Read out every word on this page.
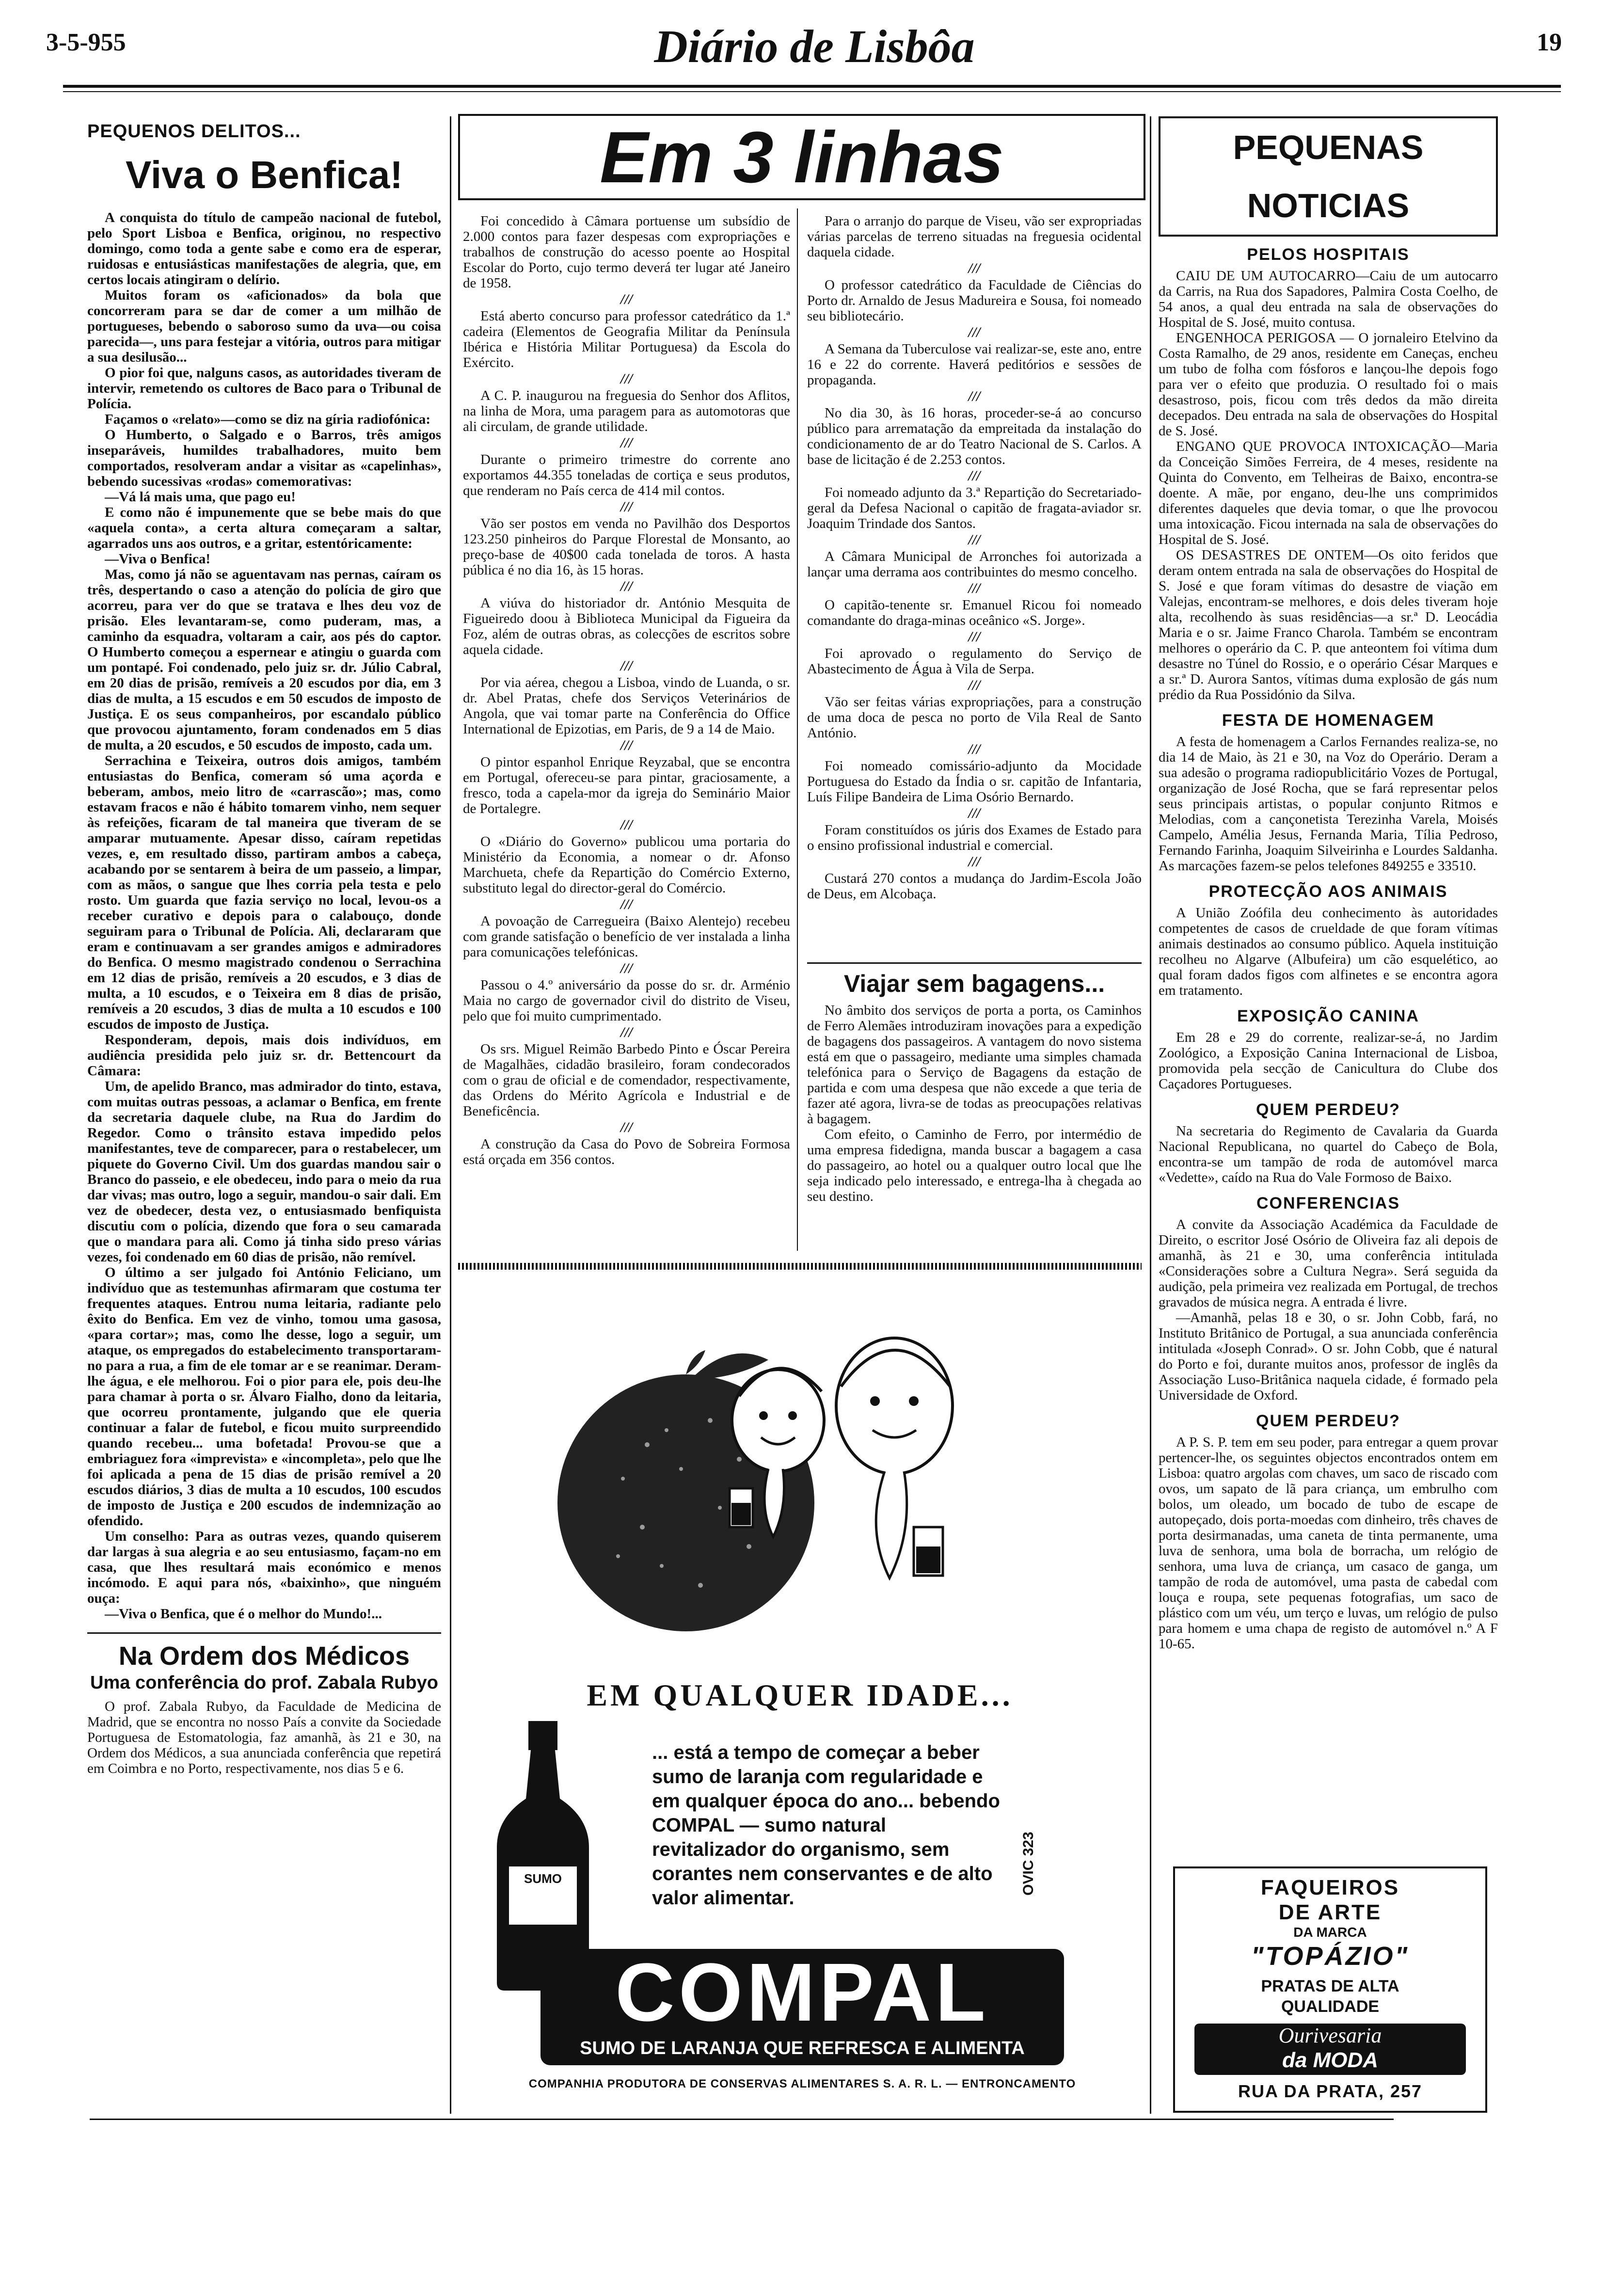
3-5-955	Diário de Lisbôa	19
PEQUENOS DELITOS...
Viva o Benfica!

A conquista do título de campeão nacional de futebol, pelo Sport Lisboa e Benfica, originou, no respectivo domingo, como toda a gente sabe e como era de esperar, ruidosas e entusiásticas manifestações de alegria, que, em certos locais atingiram o delírio.

Muitos foram os «aficionados» da bola que concorreram para se dar de comer a um milhão de portugueses, bebendo o saboroso sumo da uva—ou coisa parecida—, uns para festejar a vitória, outros para mitigar a sua desilusão...

O pior foi que, nalguns casos, as autoridades tiveram de intervir, remetendo os cultores de Baco para o Tribunal de Polícia.

Façamos o «relato»—como se diz na gíria radiofónica:

O Humberto, o Salgado e o Barros, três amigos inseparáveis, humildes trabalhadores, muito bem comportados, resolveram andar a visitar as «capelinhas», bebendo sucessivas «rodas» comemorativas:

—Vá lá mais uma, que pago eu!

E como não é impunemente que se bebe mais do que «aquela conta», a certa altura começaram a saltar, agarrados uns aos outros, e a gritar, estentóricamente:

—Viva o Benfica!

Mas, como já não se aguentavam nas pernas, caíram os três, despertando o caso a atenção do polícia de giro que acorreu, para ver do que se tratava e lhes deu voz de prisão. Eles levantaram-se, como puderam, mas, a caminho da esquadra, voltaram a cair, aos pés do captor. O Humberto começou a espernear e atingiu o guarda com um pontapé. Foi condenado, pelo juiz sr. dr. Júlio Cabral, em 20 dias de prisão, remíveis a 20 escudos por dia, em 3 dias de multa, a 15 escudos e em 50 escudos de imposto de Justiça. E os seus companheiros, por escandalo público que provocou ajuntamento, foram condenados em 5 dias de multa, a 20 escudos, e 50 escudos de imposto, cada um.

Serrachina e Teixeira, outros dois amigos, também entusiastas do Benfica, comeram só uma açorda e beberam, ambos, meio litro de «carrascão»; mas, como estavam fracos e não é hábito tomarem vinho, nem sequer às refeições, ficaram de tal maneira que tiveram de se amparar mutuamente. Apesar disso, caíram repetidas vezes, e, em resultado disso, partiram ambos a cabeça, acabando por se sentarem à beira de um passeio, a limpar, com as mãos, o sangue que lhes corria pela testa e pelo rosto. Um guarda que fazia serviço no local, levou-os a receber curativo e depois para o calabouço, donde seguiram para o Tribunal de Polícia. Ali, declararam que eram e continuavam a ser grandes amigos e admiradores do Benfica. O mesmo magistrado condenou o Serrachina em 12 dias de prisão, remíveis a 20 escudos, e 3 dias de multa, a 10 escudos, e o Teixeira em 8 dias de prisão, remíveis a 20 escudos, 3 dias de multa a 10 escudos e 100 escudos de imposto de Justiça.

Responderam, depois, mais dois indivíduos, em audiência presidida pelo juiz sr. dr. Bettencourt da Câmara:

Um, de apelido Branco, mas admirador do tinto, estava, com muitas outras pessoas, a aclamar o Benfica, em frente da secretaria daquele clube, na Rua do Jardim do Regedor. Como o trânsito estava impedido pelos manifestantes, teve de comparecer, para o restabelecer, um piquete do Governo Civil. Um dos guardas mandou sair o Branco do passeio, e ele obedeceu, indo para o meio da rua dar vivas; mas outro, logo a seguir, mandou-o sair dali. Em vez de obedecer, desta vez, o entusiasmado benfiquista discutiu com o polícia, dizendo que fora o seu camarada que o mandara para ali. Como já tinha sido preso várias vezes, foi condenado em 60 dias de prisão, não remível.

O último a ser julgado foi António Feliciano, um indivíduo que as testemunhas afirmaram que costuma ter frequentes ataques. Entrou numa leitaria, radiante pelo êxito do Benfica. Em vez de vinho, tomou uma gasosa, «para cortar»; mas, como lhe desse, logo a seguir, um ataque, os empregados do estabelecimento transportaram-no para a rua, a fim de ele tomar ar e se reanimar. Deram-lhe água, e ele melhorou. Foi o pior para ele, pois deu-lhe para chamar à porta o sr. Álvaro Fialho, dono da leitaria, que ocorreu prontamente, julgando que ele queria continuar a falar de futebol, e ficou muito surpreendido quando recebeu... uma bofetada! Provou-se que a embriaguez fora «imprevista» e «incompleta», pelo que lhe foi aplicada a pena de 15 dias de prisão remível a 20 escudos diários, 3 dias de multa a 10 escudos, 100 escudos de imposto de Justiça e 200 escudos de indemnização ao ofendido.

Um conselho: Para as outras vezes, quando quiserem dar largas à sua alegria e ao seu entusiasmo, façam-no em casa, que lhes resultará mais económico e menos incómodo. E aqui para nós, «baixinho», que ninguém ouça:

—Viva o Benfica, que é o melhor do Mundo!...

Na Ordem dos Médicos
Uma conferência do prof. Zabala Rubyo

O prof. Zabala Rubyo, da Faculdade de Medicina de Madrid, que se encontra no nosso País a convite da Sociedade Portuguesa de Estomatologia, faz amanhã, às 21 e 30, na Ordem dos Médicos, a sua anunciada conferência que repetirá em Coimbra e no Porto, respectivamente, nos dias 5 e 6.

Em 3 linhas

Foi concedido à Câmara portuense um subsídio de 2.000 contos para fazer despesas com expropriações e trabalhos de construção do acesso poente ao Hospital Escolar do Porto, cujo termo deverá ter lugar até Janeiro de 1958.

///

Está aberto concurso para professor catedrático da 1.ª cadeira (Elementos de Geografia Militar da Península Ibérica e História Militar Portuguesa) da Escola do Exército.

///

A C. P. inaugurou na freguesia do Senhor dos Aflitos, na linha de Mora, uma paragem para as automotoras que ali circulam, de grande utilidade.

///

Durante o primeiro trimestre do corrente ano exportamos 44.355 toneladas de cortiça e seus produtos, que renderam no País cerca de 414 mil contos.

///

Vão ser postos em venda no Pavilhão dos Desportos 123.250 pinheiros do Parque Florestal de Monsanto, ao preço-base de 40$00 cada tonelada de toros. A hasta pública é no dia 16, às 15 horas.

///

A viúva do historiador dr. António Mesquita de Figueiredo doou à Biblioteca Municipal da Figueira da Foz, além de outras obras, as colecções de escritos sobre aquela cidade.

///

Por via aérea, chegou a Lisboa, vindo de Luanda, o sr. dr. Abel Pratas, chefe dos Serviços Veterinários de Angola, que vai tomar parte na Conferência do Office International de Epizotias, em Paris, de 9 a 14 de Maio.

///

O pintor espanhol Enrique Reyzabal, que se encontra em Portugal, ofereceu-se para pintar, graciosamente, a fresco, toda a capela-mor da igreja do Seminário Maior de Portalegre.

///

O «Diário do Governo» publicou uma portaria do Ministério da Economia, a nomear o dr. Afonso Marchueta, chefe da Repartição do Comércio Externo, substituto legal do director-geral do Comércio.

///

A povoação de Carregueira (Baixo Alentejo) recebeu com grande satisfação o benefício de ver instalada a linha para comunicações telefónicas.

///

Passou o 4.º aniversário da posse do sr. dr. Arménio Maia no cargo de governador civil do distrito de Viseu, pelo que foi muito cumprimentado.

///

Os srs. Miguel Reimão Barbedo Pinto e Óscar Pereira de Magalhães, cidadão brasileiro, foram condecorados com o grau de oficial e de comendador, respectivamente, das Ordens do Mérito Agrícola e Industrial e de Beneficência.

///

A construção da Casa do Povo de Sobreira Formosa está orçada em 356 contos.

Para o arranjo do parque de Viseu, vão ser expropriadas várias parcelas de terreno situadas na freguesia ocidental daquela cidade.

///

O professor catedrático da Faculdade de Ciências do Porto dr. Arnaldo de Jesus Madureira e Sousa, foi nomeado seu bibliotecário.

///

A Semana da Tuberculose vai realizar-se, este ano, entre 16 e 22 do corrente. Haverá peditórios e sessões de propaganda.

///

No dia 30, às 16 horas, proceder-se-á ao concurso público para arrematação da empreitada da instalação do condicionamento de ar do Teatro Nacional de S. Carlos. A base de licitação é de 2.253 contos.

///

Foi nomeado adjunto da 3.ª Repartição do Secretariado-geral da Defesa Nacional o capitão de fragata-aviador sr. Joaquim Trindade dos Santos.

///

A Câmara Municipal de Arronches foi autorizada a lançar uma derrama aos contribuintes do mesmo concelho.

///

O capitão-tenente sr. Emanuel Ricou foi nomeado comandante do draga-minas oceânico «S. Jorge».

///

Foi aprovado o regulamento do Serviço de Abastecimento de Água à Vila de Serpa.

///

Vão ser feitas várias expropriações, para a construção de uma doca de pesca no porto de Vila Real de Santo António.

///

Foi nomeado comissário-adjunto da Mocidade Portuguesa do Estado da Índia o sr. capitão de Infantaria, Luís Filipe Bandeira de Lima Osório Bernardo.

///

Foram constituídos os júris dos Exames de Estado para o ensino profissional industrial e comercial.

///

Custará 270 contos a mudança do Jardim-Escola João de Deus, em Alcobaça.

Viajar sem bagagens...

No âmbito dos serviços de porta a porta, os Caminhos de Ferro Alemães introduziram inovações para a expedição de bagagens dos passageiros. A vantagem do novo sistema está em que o passageiro, mediante uma simples chamada telefónica para o Serviço de Bagagens da estação de partida e com uma despesa que não excede a que teria de fazer até agora, livra-se de todas as preocupações relativas à bagagem.

Com efeito, o Caminho de Ferro, por intermédio de uma empresa fidedigna, manda buscar a bagagem a casa do passageiro, ao hotel ou a qualquer outro local que lhe seja indicado pelo interessado, e entrega-lha à chegada ao seu destino.

EM QUALQUER IDADE...
SUMO
... está a tempo de começar a beber sumo de laranja com regularidade e em qualquer época do ano... bebendo COMPAL — sumo natural revitalizador do organismo, sem corantes nem conservantes e de alto valor alimentar.
OVIC 323
COMPAL
SUMO DE LARANJA QUE REFRESCA E ALIMENTA
COMPANHIA PRODUTORA DE CONSERVAS ALIMENTARES S. A. R. L. — ENTRONCAMENTO
PEQUENAS NOTICIAS
PELOS HOSPITAIS

CAIU DE UM AUTOCARRO—Caiu de um autocarro da Carris, na Rua dos Sapadores, Palmira Costa Coelho, de 54 anos, a qual deu entrada na sala de observações do Hospital de S. José, muito contusa.

ENGENHOCA PERIGOSA — O jornaleiro Etelvino da Costa Ramalho, de 29 anos, residente em Caneças, encheu um tubo de folha com fósforos e lançou-lhe depois fogo para ver o efeito que produzia. O resultado foi o mais desastroso, pois, ficou com três dedos da mão direita decepados. Deu entrada na sala de observações do Hospital de S. José.

ENGANO QUE PROVOCA INTOXICAÇÃO—Maria da Conceição Simões Ferreira, de 4 meses, residente na Quinta do Convento, em Telheiras de Baixo, encontra-se doente. A mãe, por engano, deu-lhe uns comprimidos diferentes daqueles que devia tomar, o que lhe provocou uma intoxicação. Ficou internada na sala de observações do Hospital de S. José.

OS DESASTRES DE ONTEM—Os oito feridos que deram ontem entrada na sala de observações do Hospital de S. José e que foram vítimas do desastre de viação em Valejas, encontram-se melhores, e dois deles tiveram hoje alta, recolhendo às suas residências—a sr.ª D. Leocádia Maria e o sr. Jaime Franco Charola. Também se encontram melhores o operário da C. P. que anteontem foi vítima dum desastre no Túnel do Rossio, e o operário César Marques e a sr.ª D. Aurora Santos, vítimas duma explosão de gás num prédio da Rua Possidónio da Silva.

FESTA DE HOMENAGEM

A festa de homenagem a Carlos Fernandes realiza-se, no dia 14 de Maio, às 21 e 30, na Voz do Operário. Deram a sua adesão o programa radiopublicitário Vozes de Portugal, organização de José Rocha, que se fará representar pelos seus principais artistas, o popular conjunto Ritmos e Melodias, com a cançonetista Terezinha Varela, Moisés Campelo, Amélia Jesus, Fernanda Maria, Tília Pedroso, Fernando Farinha, Joaquim Silveirinha e Lourdes Saldanha. As marcações fazem-se pelos telefones 849255 e 33510.

PROTECÇÃO AOS ANIMAIS

A União Zoófila deu conhecimento às autoridades competentes de casos de crueldade de que foram vítimas animais destinados ao consumo público. Aquela instituição recolheu no Algarve (Albufeira) um cão esquelético, ao qual foram dados figos com alfinetes e se encontra agora em tratamento.

EXPOSIÇÃO CANINA

Em 28 e 29 do corrente, realizar-se-á, no Jardim Zoológico, a Exposição Canina Internacional de Lisboa, promovida pela secção de Canicultura do Clube dos Caçadores Portugueses.

QUEM PERDEU?

Na secretaria do Regimento de Cavalaria da Guarda Nacional Republicana, no quartel do Cabeço de Bola, encontra-se um tampão de roda de automóvel marca «Vedette», caído na Rua do Vale Formoso de Baixo.

CONFERENCIAS

A convite da Associação Académica da Faculdade de Direito, o escritor José Osório de Oliveira faz ali depois de amanhã, às 21 e 30, uma conferência intitulada «Considerações sobre a Cultura Negra». Será seguida da audição, pela primeira vez realizada em Portugal, de trechos gravados de música negra. A entrada é livre.

—Amanhã, pelas 18 e 30, o sr. John Cobb, fará, no Instituto Britânico de Portugal, a sua anunciada conferência intitulada «Joseph Conrad». O sr. John Cobb, que é natural do Porto e foi, durante muitos anos, professor de inglês da Associação Luso-Britânica naquela cidade, é formado pela Universidade de Oxford.

QUEM PERDEU?

A P. S. P. tem em seu poder, para entregar a quem provar pertencer-lhe, os seguintes objectos encontrados ontem em Lisboa: quatro argolas com chaves, um saco de riscado com ovos, um sapato de lã para criança, um embrulho com bolos, um oleado, um bocado de tubo de escape de autopeçado, dois porta-moedas com dinheiro, três chaves de porta desirmanadas, uma caneta de tinta permanente, uma luva de senhora, uma bola de borracha, um relógio de senhora, uma luva de criança, um casaco de ganga, um tampão de roda de automóvel, uma pasta de cabedal com louça e roupa, sete pequenas fotografias, um saco de plástico com um véu, um terço e luvas, um relógio de pulso para homem e uma chapa de registo de automóvel n.º A F 10-65.

FAQUEIROS
DE ARTE
DA MARCA
"TOPÁZIO"
PRATAS DE ALTA
QUALIDADE
Ourivesaria
da MODA
RUA DA PRATA, 257
